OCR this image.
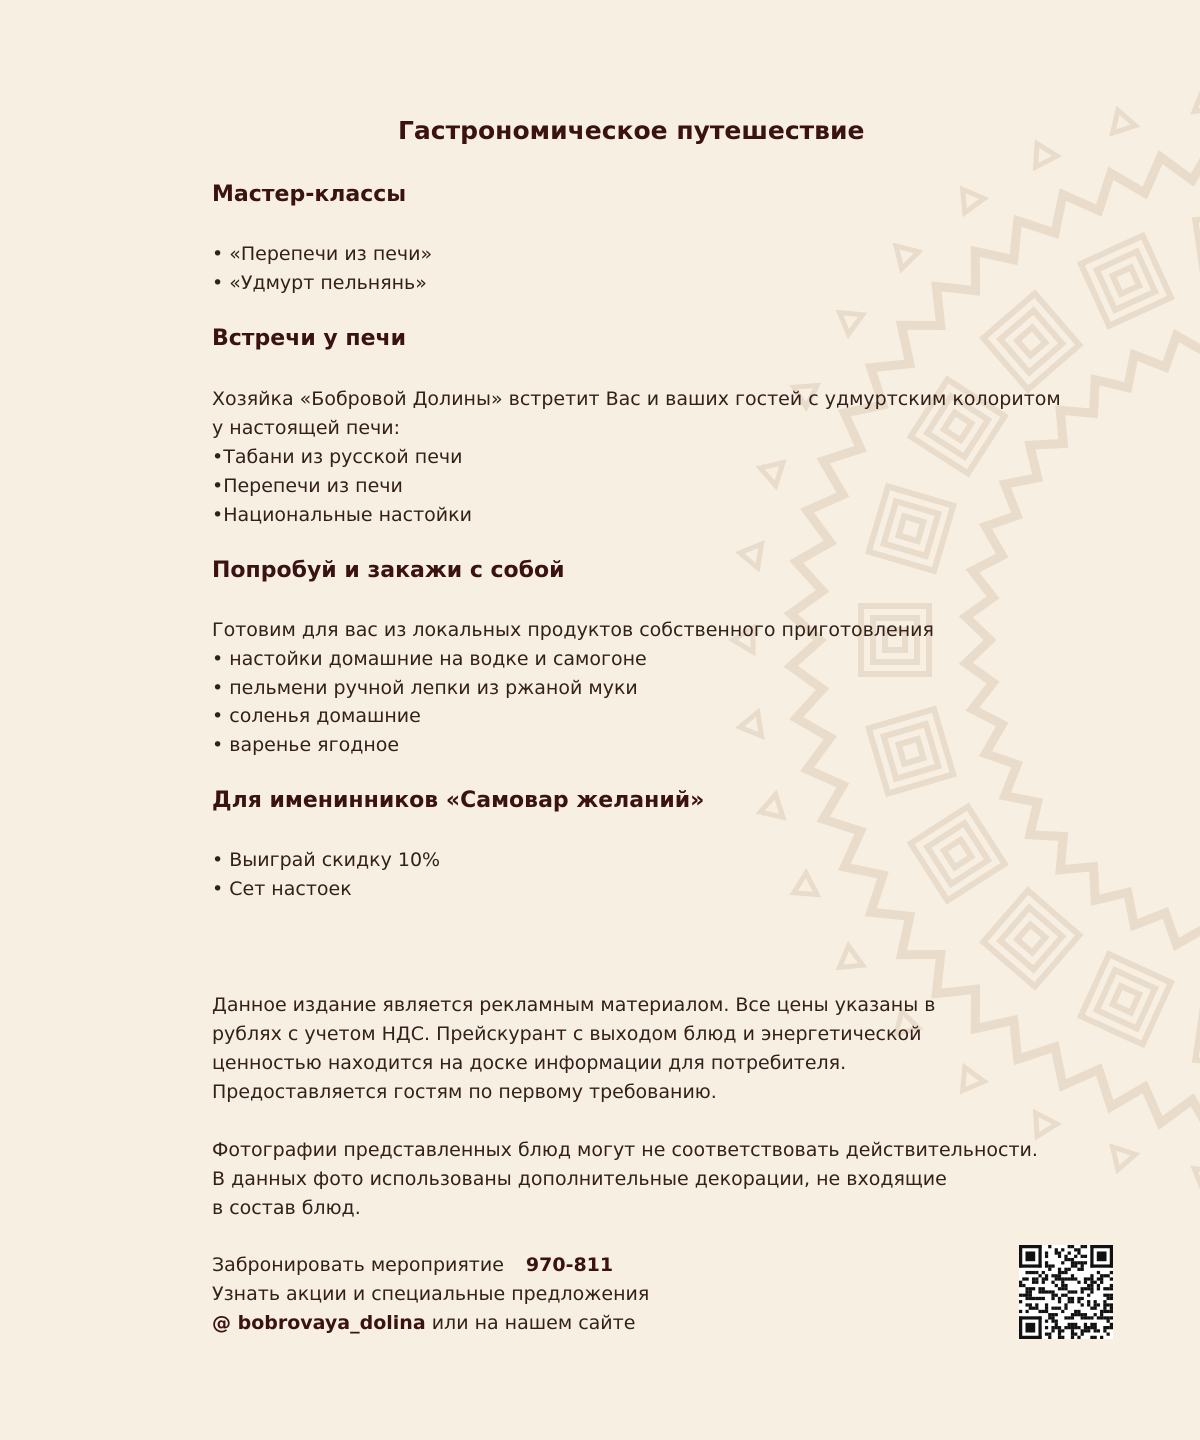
Гастрономическое путешествие
Мастер-классы

• «Перепечи из печи»

• «Удмурт пельнянь»

Встречи у печи

Хозяйка «Бобровой Долины» встретит Вас и ваших гостей с удмуртским колоритом

у настоящей печи:

•Табани из русской печи

•Перепечи из печи

•Национальные настойки

Попробуй и закажи с собой

Готовим для вас из локальных продуктов собственного приготовления

• настойки домашние на водке и самогоне

• пельмени ручной лепки из ржаной муки

• соленья домашние

• варенье ягодное

Для именинников «Самовар желаний»

• Выиграй скидку 10%

• Сет настоек

Данное издание является рекламным материалом. Все цены указаны в

рублях с учетом НДС. Прейскурант с выходом блюд и энергетической

ценностью находится на доске информации для потребителя.

Предоставляется гостям по первому требованию.

Фотографии представленных блюд могут не соответствовать действительности.

В данных фото использованы дополнительные декорации, не входящие

в состав блюд.

Забронировать мероприятие 970-811

Узнать акции и специальные предложения

@ bobrovaya_dolina или на нашем сайте
